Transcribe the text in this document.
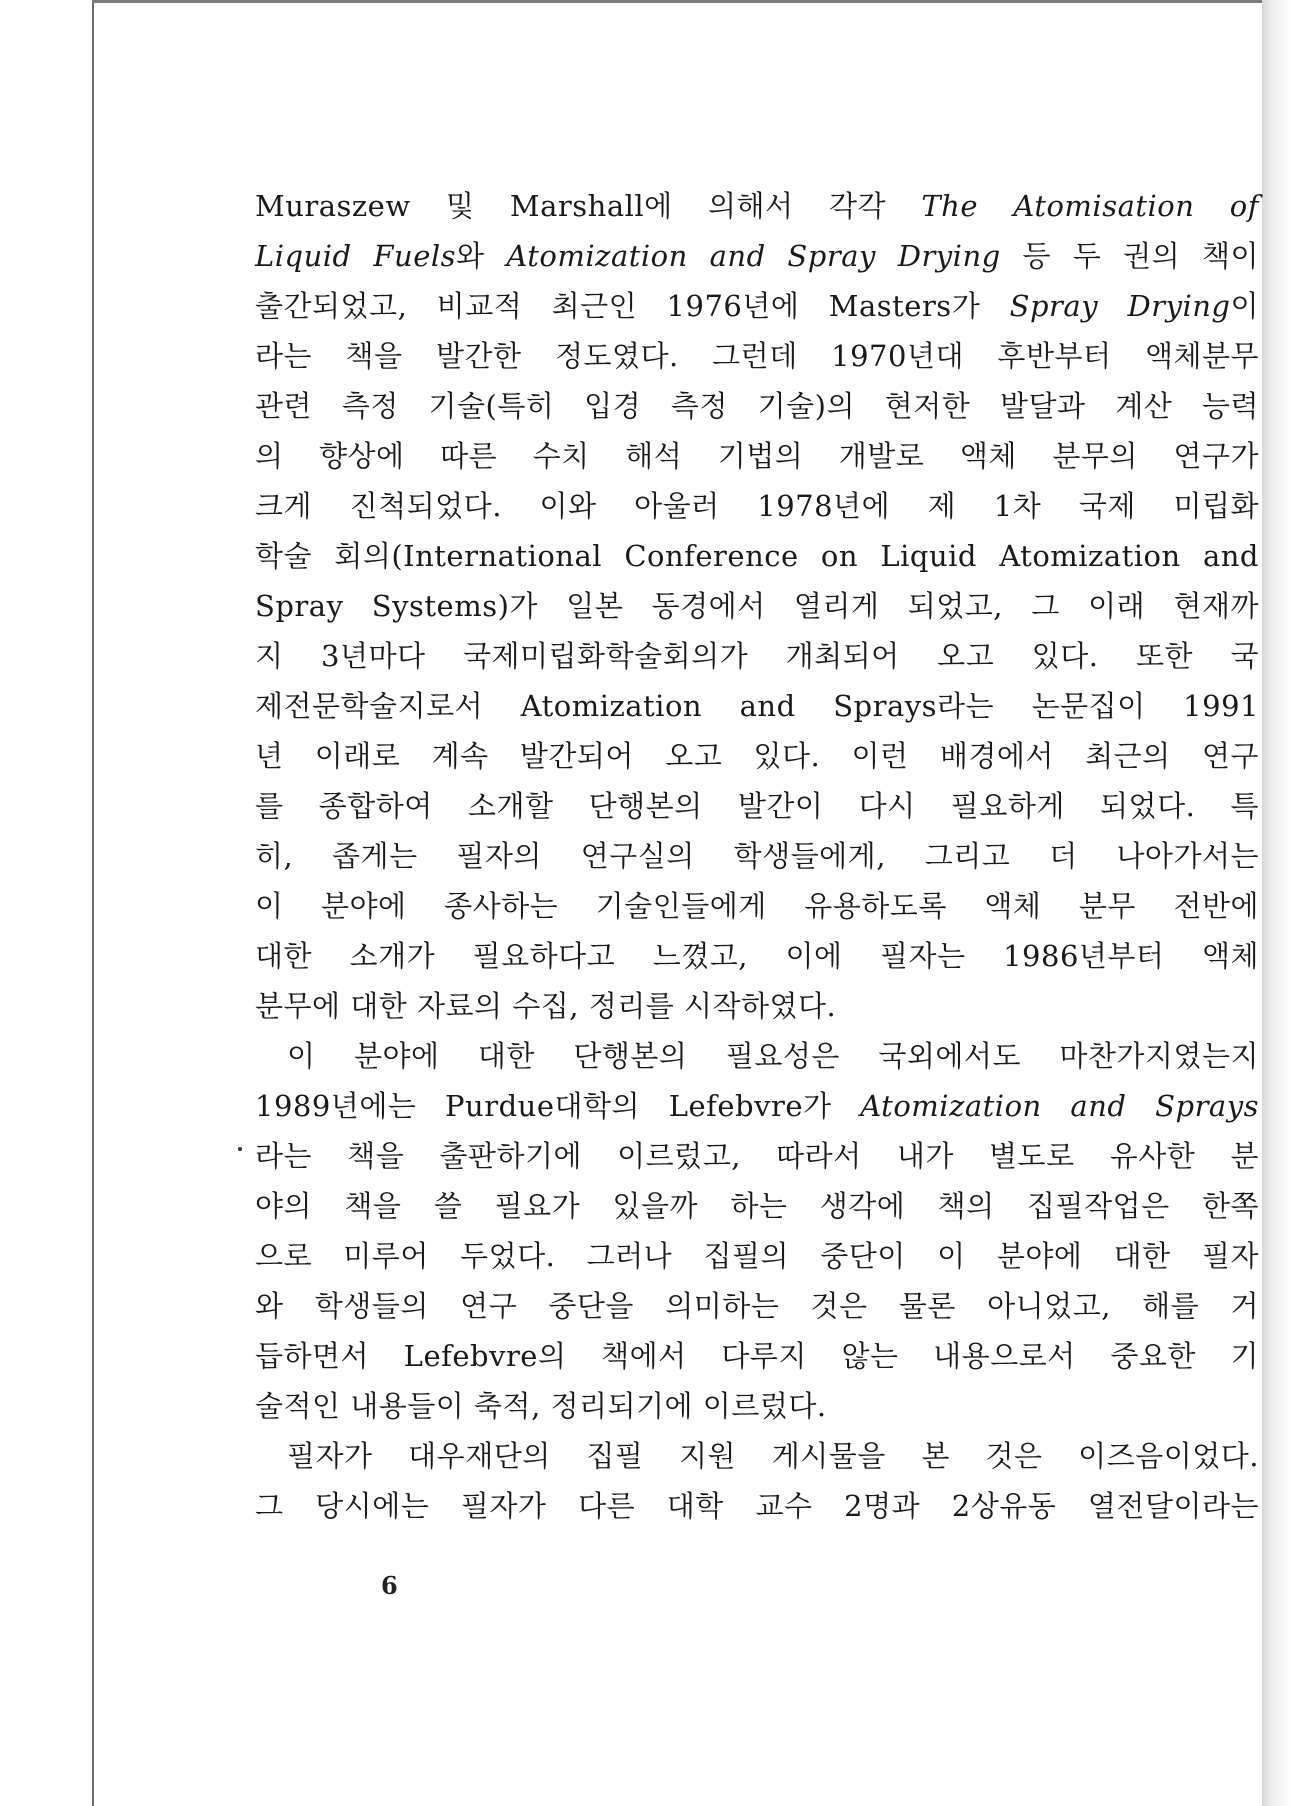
Muraszew 및 Marshall에 의해서 각각 The Atomisation of
Liquid Fuels와 Atomization and Spray Drying 등 두 권의 책이
출간되었고, 비교적 최근인 1976년에 Masters가 Spray Drying이
라는 책을 발간한 정도였다. 그런데 1970년대 후반부터 액체분무
관련 측정 기술(특히 입경 측정 기술)의 현저한 발달과 계산 능력
의 향상에 따른 수치 해석 기법의 개발로 액체 분무의 연구가
크게 진척되었다. 이와 아울러 1978년에 제 1차 국제 미립화
학술 회의(International Conference on Liquid Atomization and
Spray Systems)가 일본 동경에서 열리게 되었고, 그 이래 현재까
지 3년마다 국제미립화학술회의가 개최되어 오고 있다. 또한 국
제전문학술지로서 Atomization and Sprays라는 논문집이 1991
년 이래로 계속 발간되어 오고 있다. 이런 배경에서 최근의 연구
를 종합하여 소개할 단행본의 발간이 다시 필요하게 되었다. 특
히, 좁게는 필자의 연구실의 학생들에게, 그리고 더 나아가서는
이 분야에 종사하는 기술인들에게 유용하도록 액체 분무 전반에
대한 소개가 필요하다고 느꼈고, 이에 필자는 1986년부터 액체
분무에 대한 자료의 수집, 정리를 시작하였다.
이 분야에 대한 단행본의 필요성은 국외에서도 마찬가지였는지
1989년에는 Purdue대학의 Lefebvre가 Atomization and Sprays
라는 책을 출판하기에 이르렀고, 따라서 내가 별도로 유사한 분
야의 책을 쓸 필요가 있을까 하는 생각에 책의 집필작업은 한쪽
으로 미루어 두었다. 그러나 집필의 중단이 이 분야에 대한 필자
와 학생들의 연구 중단을 의미하는 것은 물론 아니었고, 해를 거
듭하면서 Lefebvre의 책에서 다루지 않는 내용으로서 중요한 기
술적인 내용들이 축적, 정리되기에 이르렀다.
필자가 대우재단의 집필 지원 게시물을 본 것은 이즈음이었다.
그 당시에는 필자가 다른 대학 교수 2명과 2상유동 열전달이라는
6
